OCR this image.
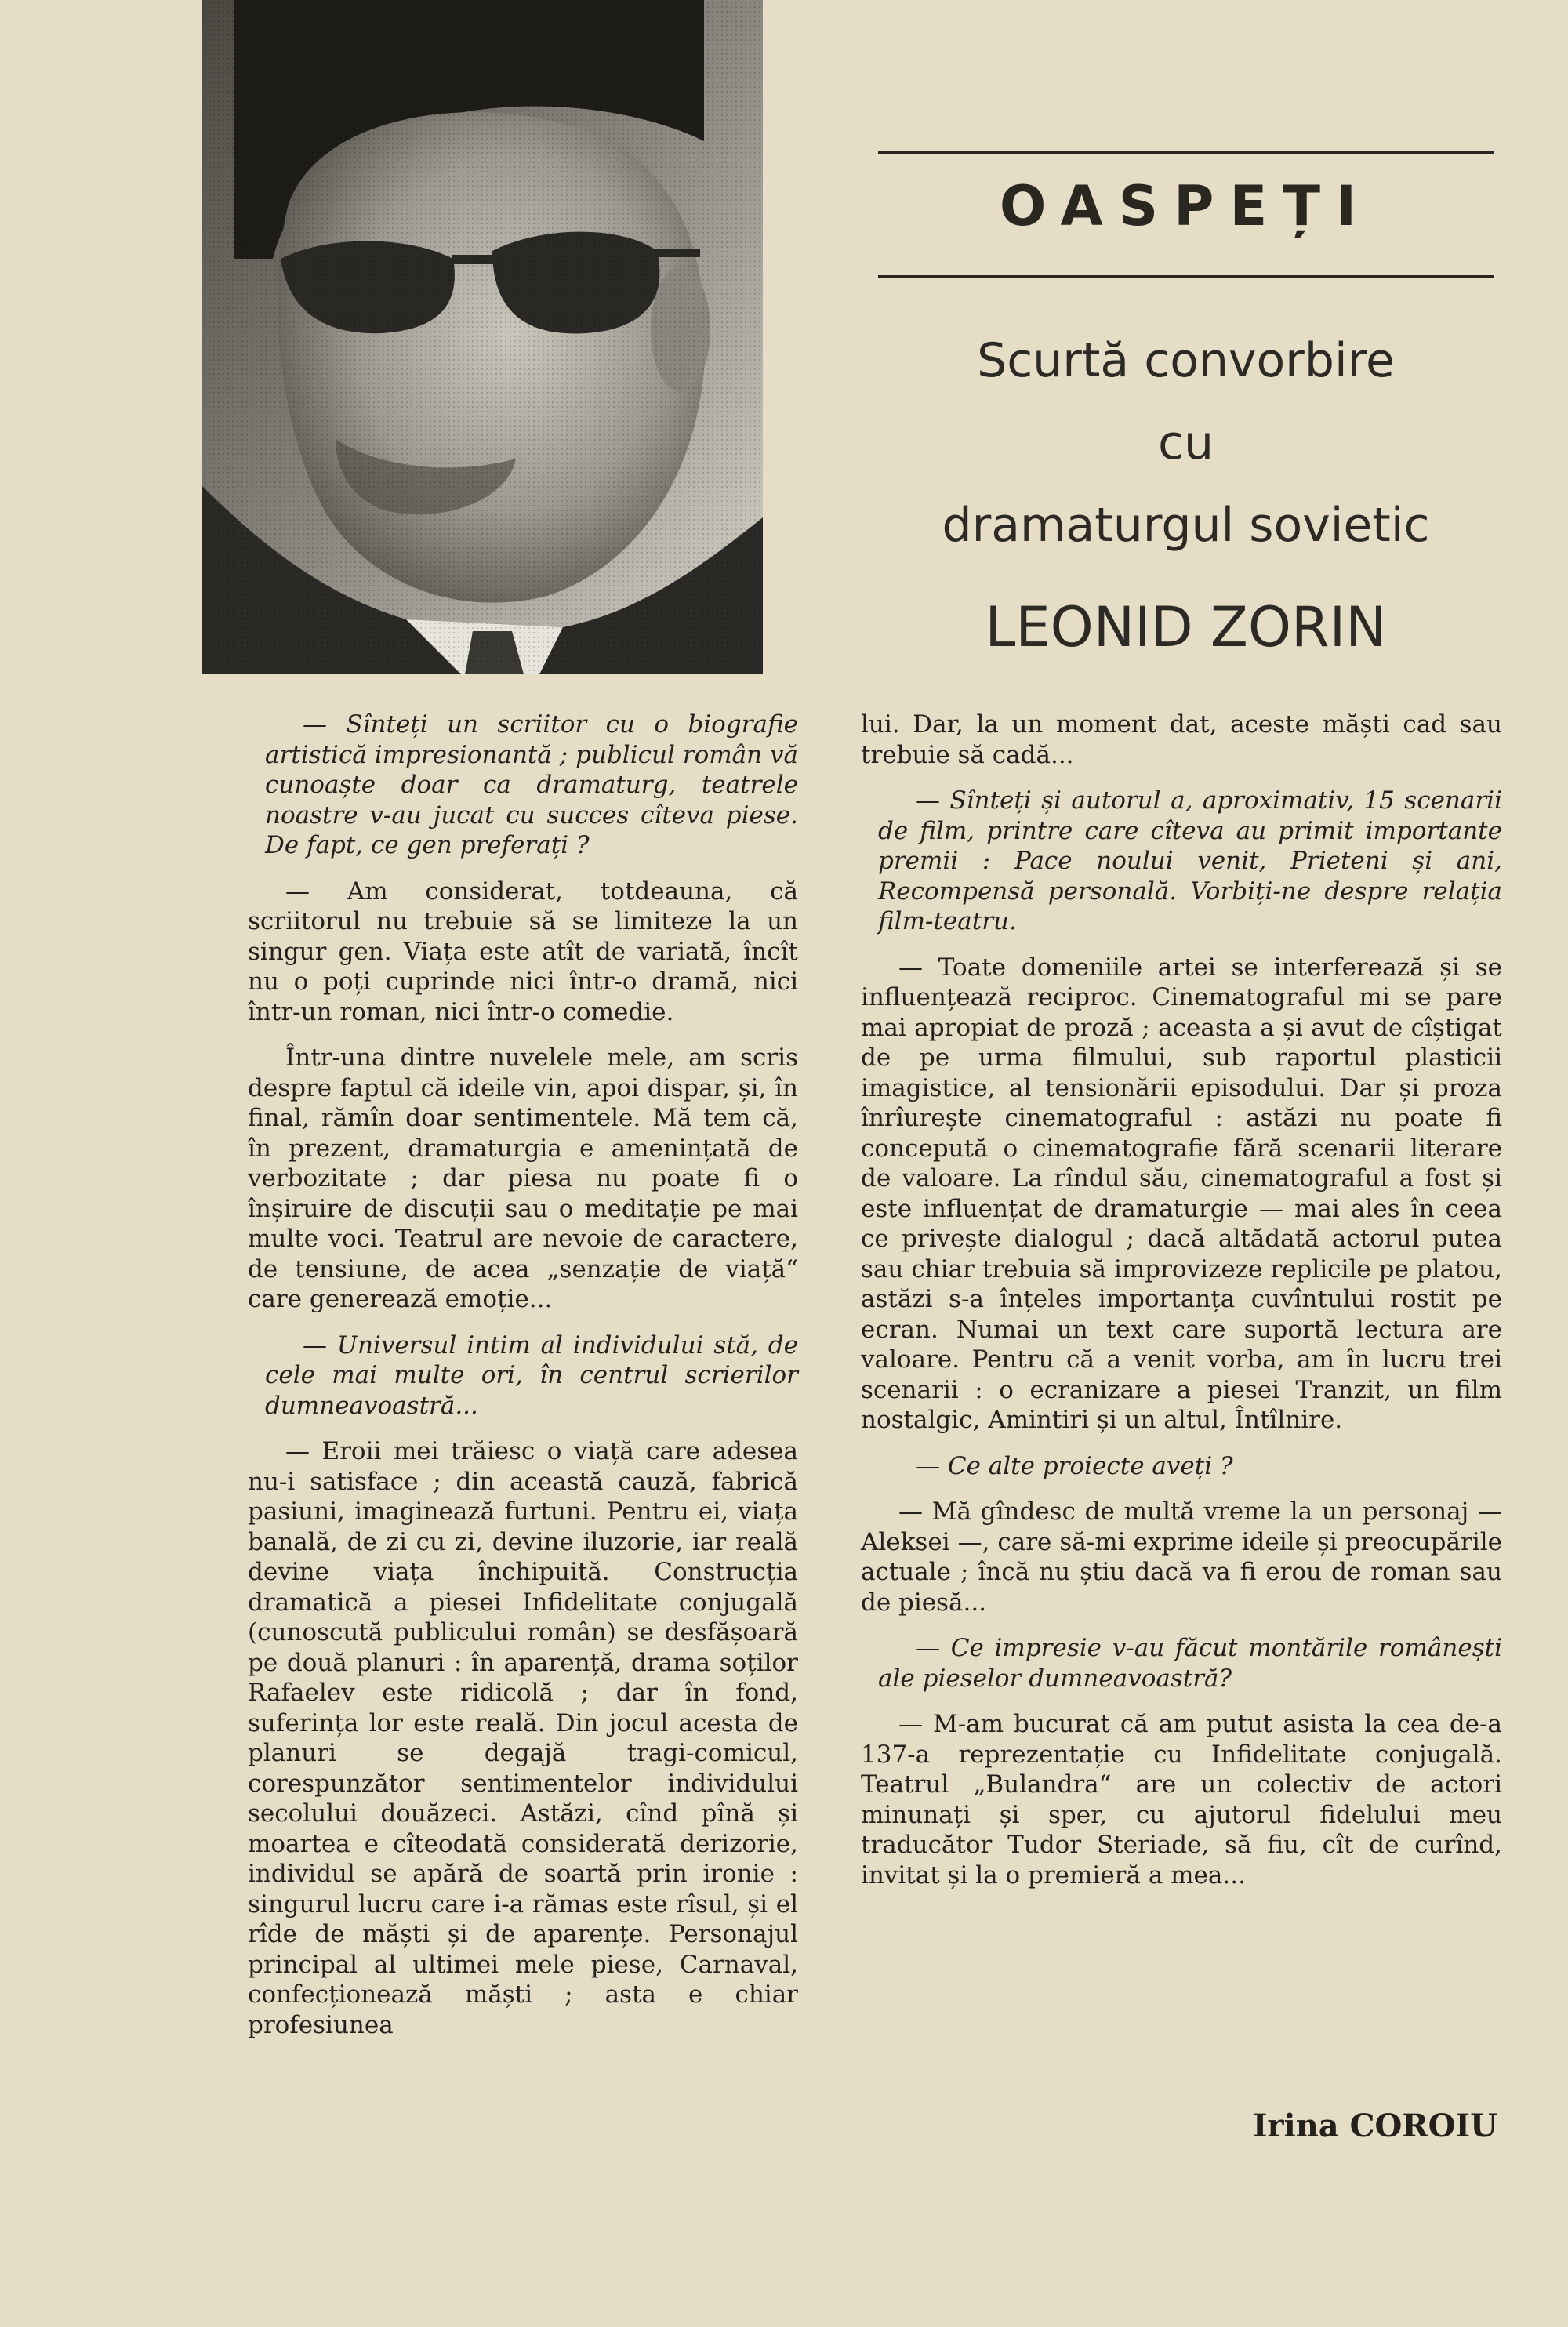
OASPEȚI
Scurtă convorbire
cu
dramaturgul sovietic
LEONID ZORIN

— Sînteți un scriitor cu o biografie artistică impresionantă ; publicul român vă cunoaște doar ca dramaturg, teatrele noastre v-au jucat cu succes cîteva piese. De fapt, ce gen preferați ?

— Am considerat, totdeauna, că scriitorul nu trebuie să se limiteze la un singur gen. Viața este atît de variată, încît nu o poți cuprinde nici într-o dramă, nici într-un roman, nici într-o comedie.

Într-una dintre nuvelele mele, am scris despre faptul că ideile vin, apoi dispar, și, în final, rămîn doar sentimentele. Mă tem că, în prezent, dramaturgia e amenințată de verbozitate ; dar piesa nu poate fi o înșiruire de discuții sau o meditație pe mai multe voci. Teatrul are nevoie de caractere, de tensiune, de acea „senzație de viață“ care generează emoție...

— Universul intim al individului stă, de cele mai multe ori, în centrul scrierilor dumneavoastră...

— Eroii mei trăiesc o viață care adesea nu-i satisface ; din această cauză, fabrică pasiuni, imaginează furtuni. Pentru ei, viața banală, de zi cu zi, devine iluzorie, iar reală devine viața închipuită. Construcția dramatică a piesei Infidelitate conjugală (cunoscută publicului român) se desfășoară pe două planuri : în aparență, drama soților Rafaelev este ridicolă ; dar în fond, suferința lor este reală. Din jocul acesta de planuri se degajă tragi-comicul, corespunzător sentimentelor individului secolului douăzeci. Astăzi, cînd pînă și moartea e cîteodată considerată derizorie, individul se apără de soartă prin ironie : singurul lucru care i-a rămas este rîsul, și el rîde de măști și de aparențe. Personajul principal al ultimei mele piese, Carnaval, confecționează măști ; asta e chiar profesiunea

lui. Dar, la un moment dat, aceste măști cad sau trebuie să cadă...

— Sînteți și autorul a, aproximativ, 15 scenarii de film, printre care cîteva au primit importante premii : Pace noului venit, Prieteni și ani, Recompensă personală. Vorbiți-ne despre relația film-teatru.

— Toate domeniile artei se interferează și se influențează reciproc. Cinematograful mi se pare mai apropiat de proză ; aceasta a și avut de cîștigat de pe urma filmului, sub raportul plasticii imagistice, al tensionării episodului. Dar și proza înrîurește cinematograful : astăzi nu poate fi concepută o cinematografie fără scenarii literare de valoare. La rîndul său, cinematograful a fost și este influențat de dramaturgie — mai ales în ceea ce privește dialogul ; dacă altădată actorul putea sau chiar trebuia să improvizeze replicile pe platou, astăzi s-a înțeles importanța cuvîntului rostit pe ecran. Numai un text care suportă lectura are valoare. Pentru că a venit vorba, am în lucru trei scenarii : o ecranizare a piesei Tranzit, un film nostalgic, Amintiri și un altul, Întîlnire.

— Ce alte proiecte aveți ?

— Mă gîndesc de multă vreme la un personaj — Aleksei —, care să-mi exprime ideile și preocupările actuale ; încă nu știu dacă va fi erou de roman sau de piesă...

— Ce impresie v-au făcut montările românești ale pieselor dumneavoastră?

— M-am bucurat că am putut asista la cea de-a 137-a reprezentație cu Infidelitate conjugală. Teatrul „Bulandra“ are un colectiv de actori minunați și sper, cu ajutorul fidelului meu traducător Tudor Steriade, să fiu, cît de curînd, invitat și la o premieră a mea...

Irina COROIU
